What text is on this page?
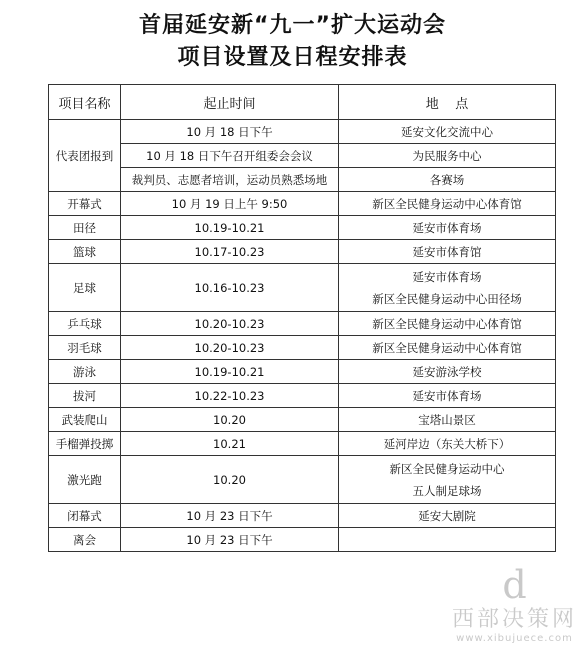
首届延安新“九一”扩大运动会
项目设置及日程安排表
项目名称	起止时间	地    点
代表团报到	10 月 18 日下午	延安文化交流中心
	10 月 18 日下午召开组委会会议	为民服务中心
	裁判员、志愿者培训，运动员熟悉场地	各赛场
开幕式	10 月 19 日上午 9:50	新区全民健身运动中心体育馆
田径	10.19-10.21	延安市体育场
篮球	10.17-10.23	延安市体育馆
足球	10.16-10.23	延安市体育场
新区全民健身运动中心田径场

乒乓球	10.20-10.23	新区全民健身运动中心体育馆
羽毛球	10.20-10.23	新区全民健身运动中心体育馆
游泳	10.19-10.21	延安游泳学校
拔河	10.22-10.23	延安市体育场
武装爬山	10.20	宝塔山景区
手榴弹投掷	10.21	延河岸边（东关大桥下）
激光跑	10.20	新区全民健身运动中心
五人制足球场

闭幕式	10 月 23 日下午	延安大剧院
离会	10 月 23 日下午	
d
西部决策网
www.xibujuece.com
